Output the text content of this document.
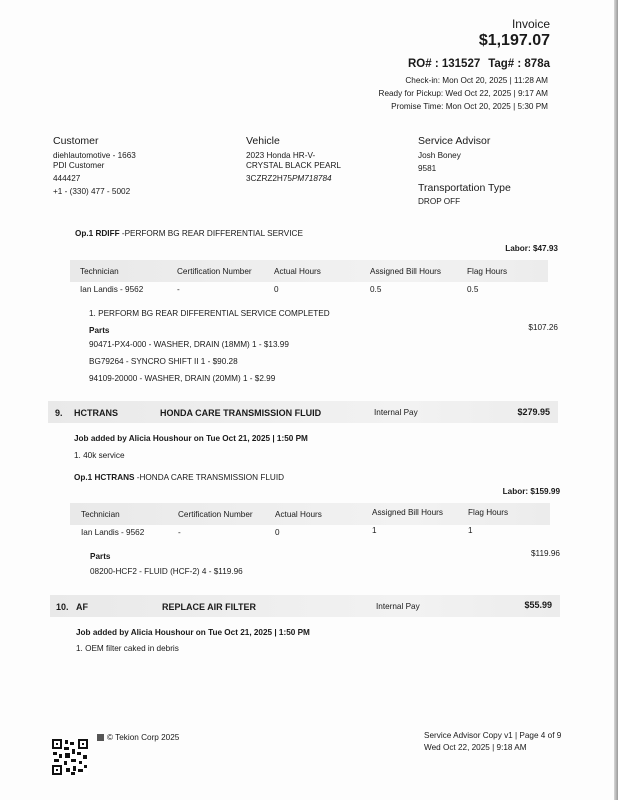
Invoice
$1,197.07
Tag# : 878a
RO# : 131527
Check-in: Mon Oct 20, 2025 | 11:28 AM
Ready for Pickup: Wed Oct 22, 2025 | 9:17 AM
Promise Time: Mon Oct 20, 2025 | 5:30 PM
Customer
diehlautomotive - 1663
PDI Customer
444427
+1 - (330) 477 - 5002
Vehicle
2023 Honda HR-V-
CRYSTAL BLACK PEARL
3CZRZ2H75PM718784
Service Advisor
Josh Boney
9581
Transportation Type
DROP OFF
Op.1 RDIFF -PERFORM BG REAR DIFFERENTIAL SERVICE
Labor: $47.93
Technician	Certification Number	Actual Hours	Assigned Bill Hours	Flag Hours
Ian Landis - 9562	-	0	0.5	0.5
1. PERFORM BG REAR DIFFERENTIAL SERVICE COMPLETED
Parts	$107.26
90471-PX4-000 - WASHER, DRAIN (18MM) 1 - $13.99
BG79264 - SYNCRO SHIFT II 1 - $90.28
94109-20000 - WASHER, DRAIN (20MM) 1 - $2.99
9. HCTRANS	HONDA CARE TRANSMISSION FLUID	Internal Pay	$279.95
Job added by Alicia Houshour on Tue Oct 21, 2025 | 1:50 PM
1. 40k service
Op.1 HCTRANS -HONDA CARE TRANSMISSION FLUID
Labor: $159.99
Technician	Certification Number	Actual Hours	Assigned Bill Hours	Flag Hours
Ian Landis - 9562	-	0	1	1
Parts	$119.96
08200-HCF2 - FLUID (HCF-2) 4 - $119.96
10. AF	REPLACE AIR FILTER	Internal Pay	$55.99
Job added by Alicia Houshour on Tue Oct 21, 2025 | 1:50 PM
1. OEM filter caked in debris
© Tekion Corp 2025	Service Advisor Copy v1 | Page 4 of 9
Wed Oct 22, 2025 | 9:18 AM
